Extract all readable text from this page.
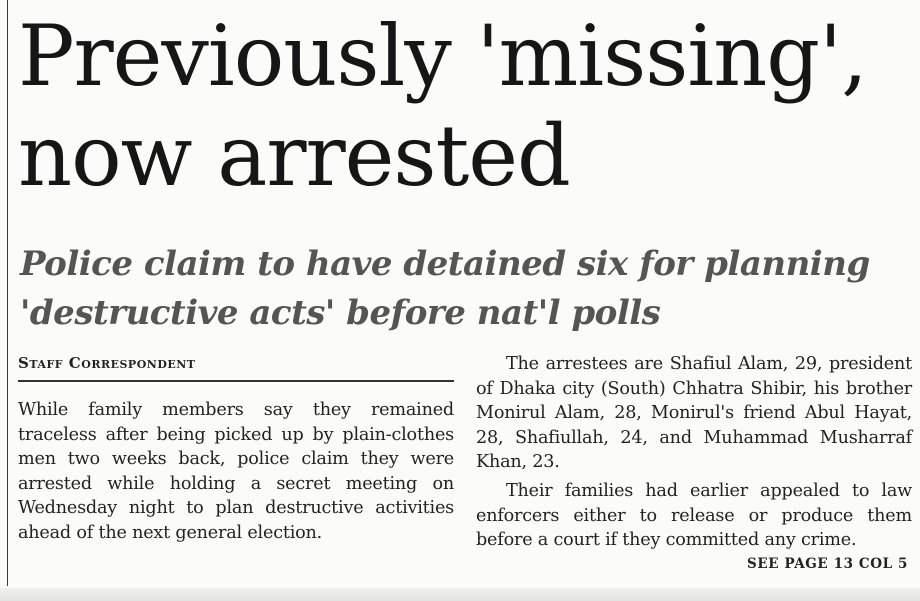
Previously 'missing',
now arrested
Police claim to have detained six for planning
'destructive acts' before nat'l polls
Staff Correspondent

While family members say they remained traceless after being picked up by plain-clothes men two weeks back, police claim they were arrested while holding a secret meeting on Wednesday night to plan destructive activities ahead of the next general election.

The arrestees are Shafiul Alam, 29, president of Dhaka city (South) Chhatra Shibir, his brother Monirul Alam, 28, Monirul's friend Abul Hayat, 28, Shafiullah, 24, and Muhammad Musharraf Khan, 23.

Their families had earlier appealed to law enforcers either to release or produce them before a court if they committed any crime.

SEE PAGE 13 COL 5
